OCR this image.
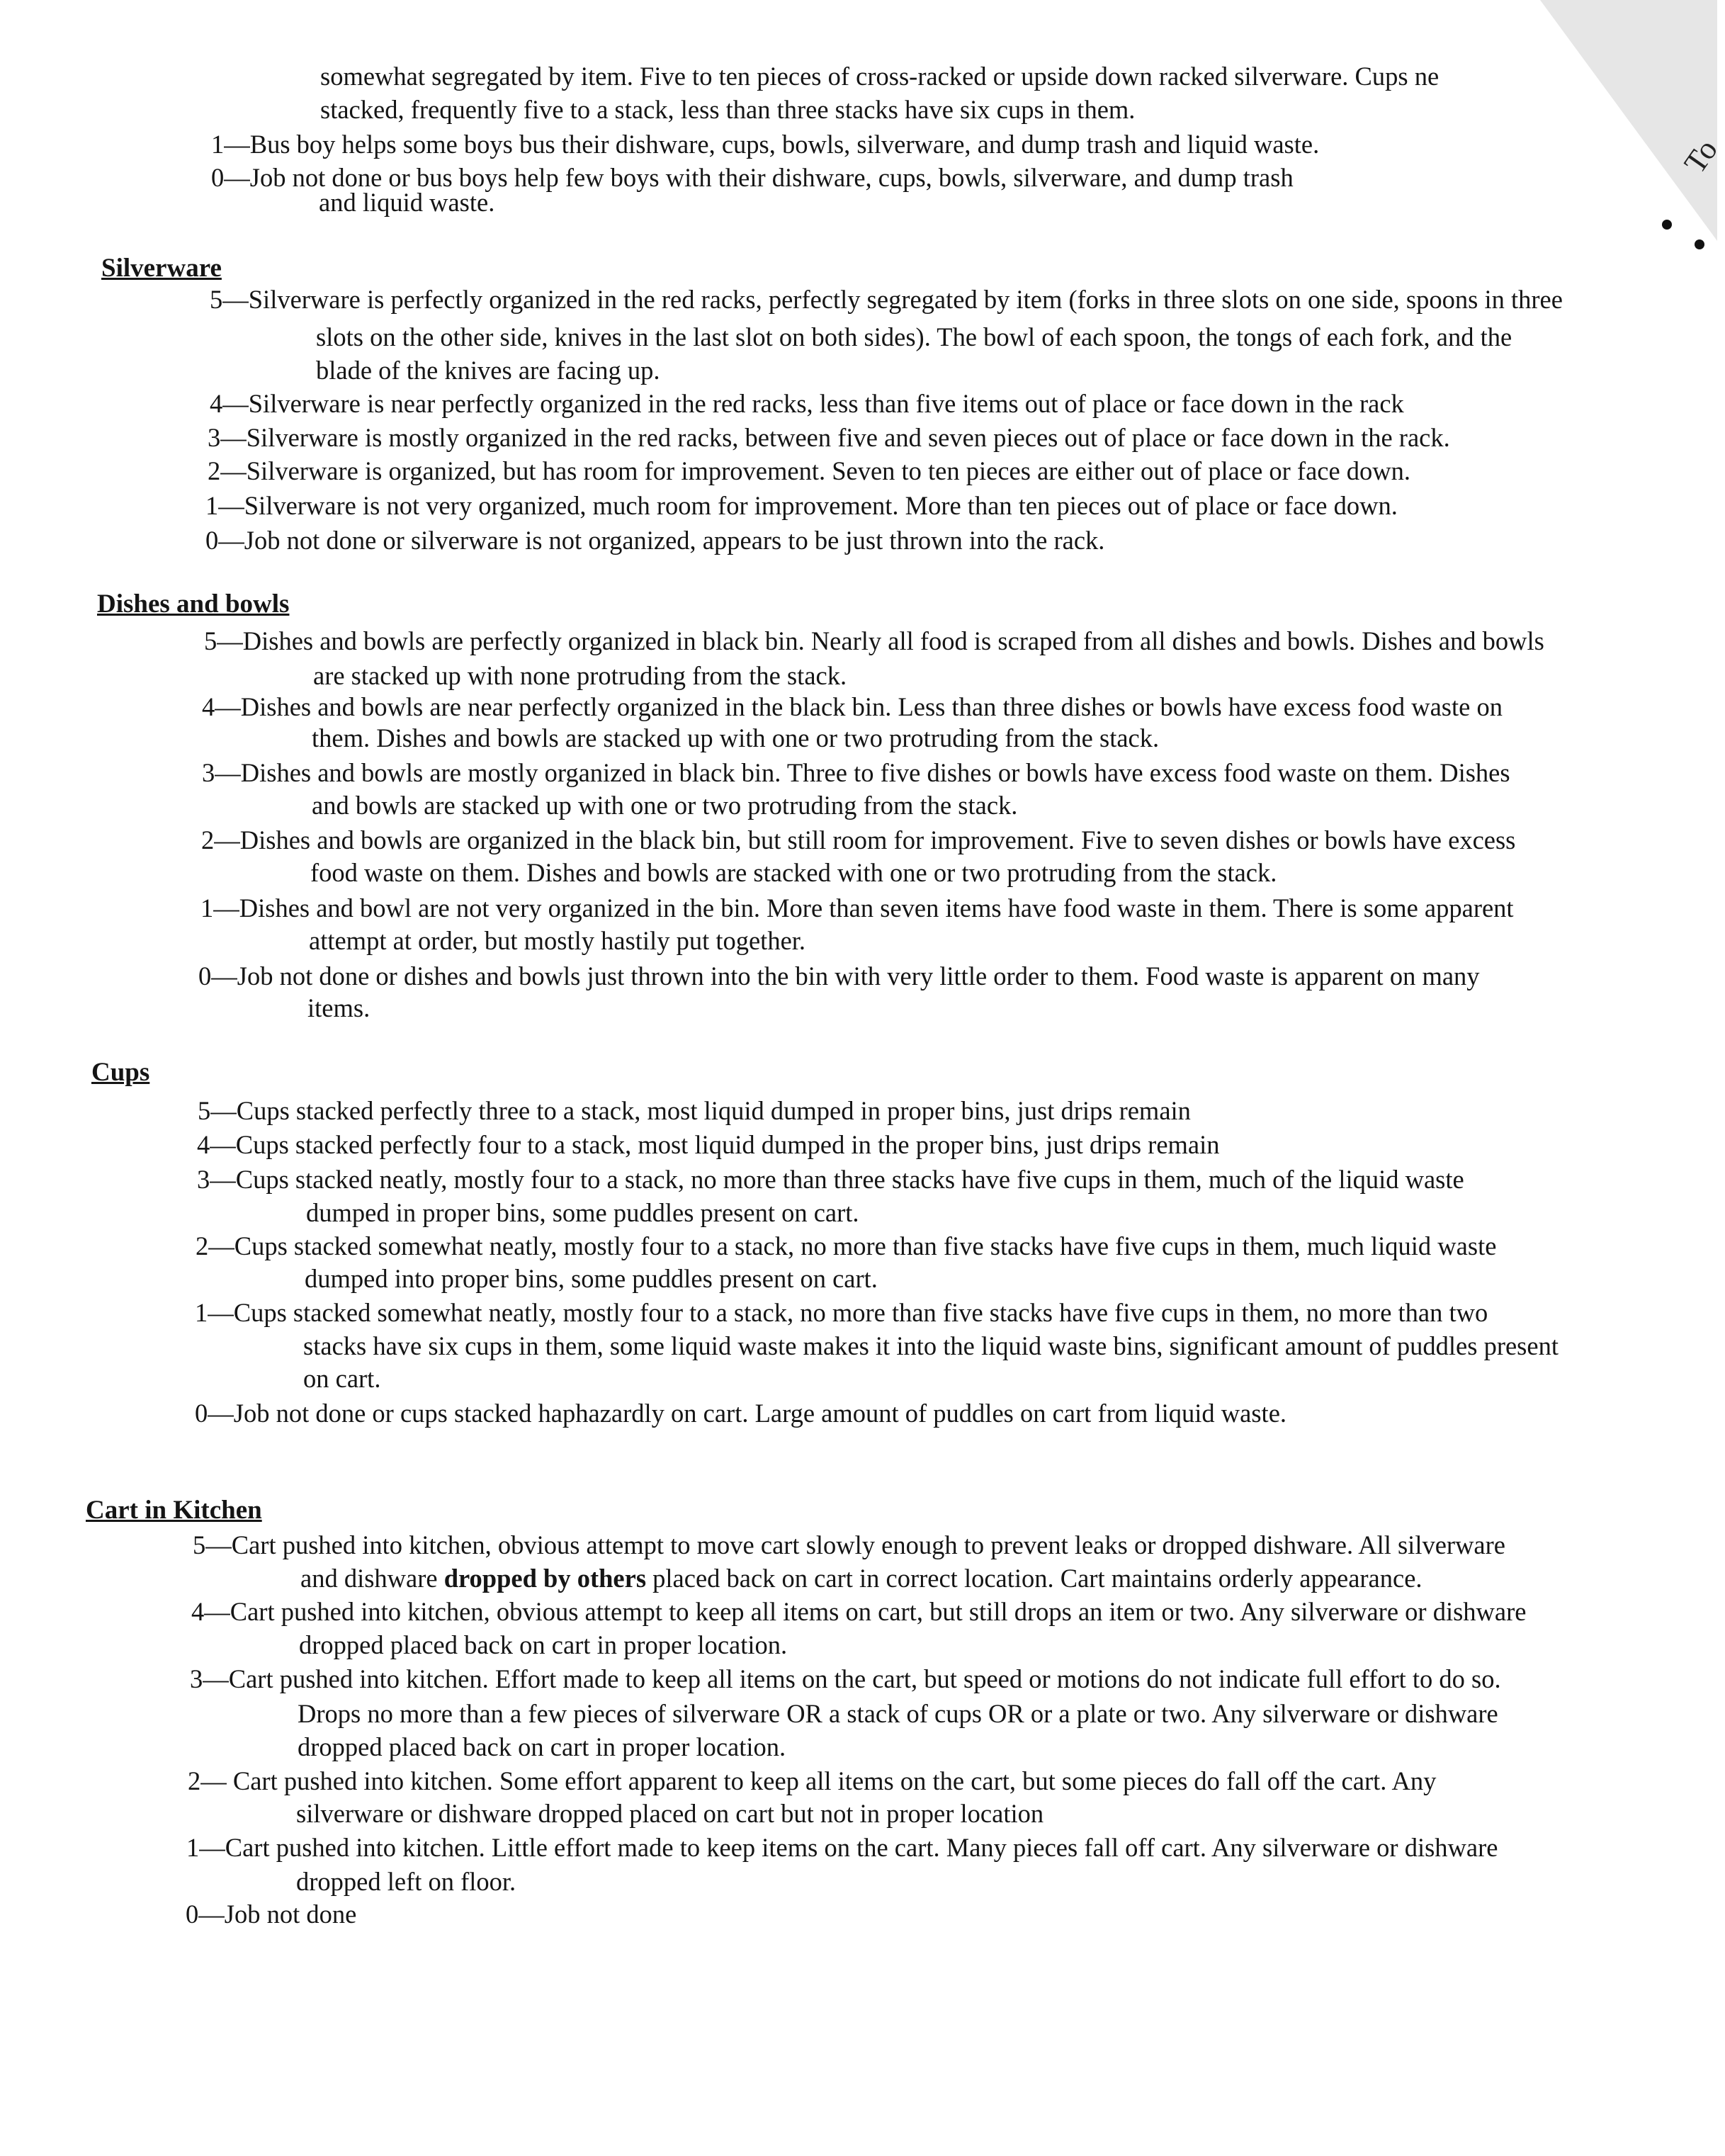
To
somewhat segregated by item. Five to ten pieces of cross-racked or upside down racked silverware. Cups ne
stacked, frequently five to a stack, less than three stacks have six cups in them.
1—Bus boy helps some boys bus their dishware, cups, bowls, silverware, and dump trash and liquid waste.
0—Job not done or bus boys help few boys with their dishware, cups, bowls, silverware, and dump trash
and liquid waste.
Silverware
5—Silverware is perfectly organized in the red racks, perfectly segregated by item (forks in three slots on one side, spoons in three
slots on the other side, knives in the last slot on both sides). The bowl of each spoon, the tongs of each fork, and the
blade of the knives are facing up.
4—Silverware is near perfectly organized in the red racks, less than five items out of place or face down in the rack
3—Silverware is mostly organized in the red racks, between five and seven pieces out of place or face down in the rack.
2—Silverware is organized, but has room for improvement. Seven to ten pieces are either out of place or face down.
1—Silverware is not very organized, much room for improvement. More than ten pieces out of place or face down.
0—Job not done or silverware is not organized, appears to be just thrown into the rack.
Dishes and bowls
5—Dishes and bowls are perfectly organized in black bin. Nearly all food is scraped from all dishes and bowls. Dishes and bowls
are stacked up with none protruding from the stack.
4—Dishes and bowls are near perfectly organized in the black bin. Less than three dishes or bowls have excess food waste on
them. Dishes and bowls are stacked up with one or two protruding from the stack.
3—Dishes and bowls are mostly organized in black bin. Three to five dishes or bowls have excess food waste on them. Dishes
and bowls are stacked up with one or two protruding from the stack.
2—Dishes and bowls are organized in the black bin, but still room for improvement. Five to seven dishes or bowls have excess
food waste on them. Dishes and bowls are stacked with one or two protruding from the stack.
1—Dishes and bowl are not very organized in the bin. More than seven items have food waste in them. There is some apparent
attempt at order, but mostly hastily put together.
0—Job not done or dishes and bowls just thrown into the bin with very little order to them. Food waste is apparent on many
items.
Cups
5—Cups stacked perfectly three to a stack, most liquid dumped in proper bins, just drips remain
4—Cups stacked perfectly four to a stack, most liquid dumped in the proper bins, just drips remain
3—Cups stacked neatly, mostly four to a stack, no more than three stacks have five cups in them, much of the liquid waste
dumped in proper bins, some puddles present on cart.
2—Cups stacked somewhat neatly, mostly four to a stack, no more than five stacks have five cups in them, much liquid waste
dumped into proper bins, some puddles present on cart.
1—Cups stacked somewhat neatly, mostly four to a stack, no more than five stacks have five cups in them, no more than two
stacks have six cups in them, some liquid waste makes it into the liquid waste bins, significant amount of puddles present
on cart.
0—Job not done or cups stacked haphazardly on cart. Large amount of puddles on cart from liquid waste.
Cart in Kitchen
5—Cart pushed into kitchen, obvious attempt to move cart slowly enough to prevent leaks or dropped dishware. All silverware
and dishware dropped by others placed back on cart in correct location. Cart maintains orderly appearance.
4—Cart pushed into kitchen, obvious attempt to keep all items on cart, but still drops an item or two. Any silverware or dishware
dropped placed back on cart in proper location.
3—Cart pushed into kitchen. Effort made to keep all items on the cart, but speed or motions do not indicate full effort to do so.
Drops no more than a few pieces of silverware OR a stack of cups OR or a plate or two. Any silverware or dishware
dropped placed back on cart in proper location.
2— Cart pushed into kitchen. Some effort apparent to keep all items on the cart, but some pieces do fall off the cart. Any
silverware or dishware dropped placed on cart but not in proper location
1—Cart pushed into kitchen. Little effort made to keep items on the cart. Many pieces fall off cart. Any silverware or dishware
dropped left on floor.
0—Job not done
